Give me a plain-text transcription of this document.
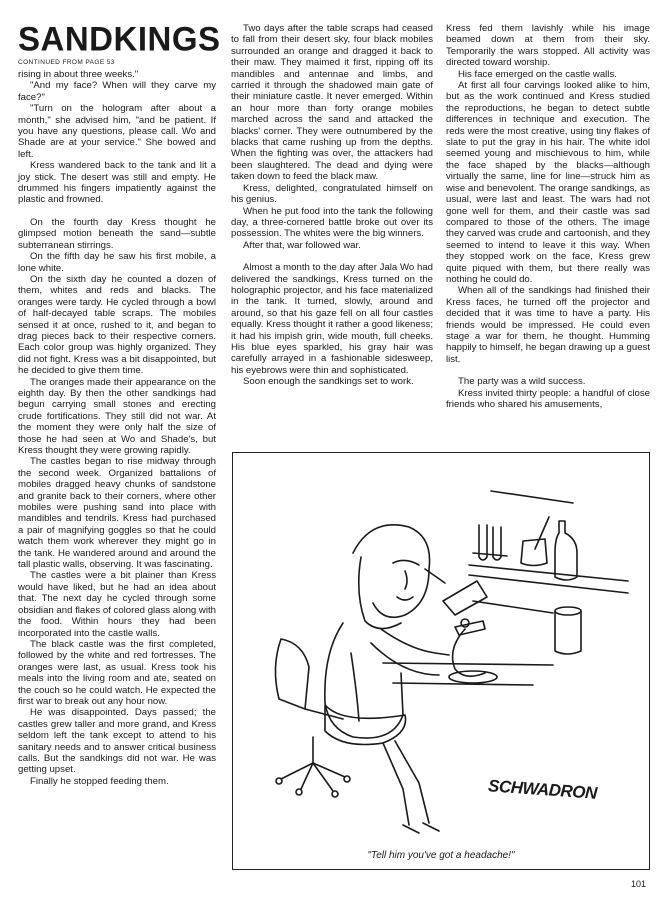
SANDKINGS
CONTINUED FROM PAGE 53

rising in about three weeks."

"And my face? When will they carve my face?"

"Turn on the hologram after about a month," she advised him, "and be patient. If you have any questions, please call. Wo and Shade are at your service." She bowed and left.

Kress wandered back to the tank and lit a joy stick. The desert was still and empty. He drummed his fingers impatiently against the plastic and frowned.

On the fourth day Kress thought he glimpsed motion beneath the sand—subtle subterranean stirrings.

On the fifth day he saw his first mobile, a lone white.

On the sixth day he counted a dozen of them, whites and reds and blacks. The oranges were tardy. He cycled through a bowl of half-decayed table scraps. The mobiles sensed it at once, rushed to it, and began to drag pieces back to their respective corners. Each color group was highly organized. They did not fight. Kress was a bit disappointed, but he decided to give them time.

The oranges made their appearance on the eighth day. By then the other sandkings had begun carrying small stones and erecting crude fortifications. They still did not war. At the moment they were only half the size of those he had seen at Wo and Shade's, but Kress thought they were growing rapidly.

The castles began to rise midway through the second week. Organized battalions of mobiles dragged heavy chunks of sandstone and granite back to their corners, where other mobiles were pushing sand into place with mandibles and tendrils. Kress had purchased a pair of magnifying goggles so that he could watch them work wherever they might go in the tank. He wandered around and around the tall plastic walls, observing. It was fascinating.

The castles were a bit plainer than Kress would have liked, but he had an idea about that. The next day he cycled through some obsidian and flakes of colored glass along with the food. Within hours they had been incorporated into the castle walls.

The black castle was the first completed, followed by the white and red fortresses. The oranges were last, as usual. Kress took his meals into the living room and ate, seated on the couch so he could watch. He expected the first war to break out any hour now.

He was disappointed. Days passed; the castles grew taller and more grand, and Kress seldom left the tank except to attend to his sanitary needs and to answer critical business calls. But the sandkings did not war. He was getting upset.

Finally he stopped feeding them.

Two days after the table scraps had ceased to fall from their desert sky, four black mobiles surrounded an orange and dragged it back to their maw. They maimed it first, ripping off its mandibles and antennae and limbs, and carried it through the shadowed main gate of their miniature castle. It never emerged. Within an hour more than forty orange mobiles marched across the sand and attacked the blacks' corner. They were outnumbered by the blacks that came rushing up from the depths. When the fighting was over, the attackers had been slaughtered. The dead and dying were taken down to feed the black maw.

Kress, delighted, congratulated himself on his genius.

When he put food into the tank the following day, a three-cornered battle broke out over its possession. The whites were the big winners.

After that, war followed war.

Almost a month to the day after Jala Wo had delivered the sandkings, Kress turned on the holographic projector, and his face materialized in the tank. It turned, slowly, around and around, so that his gaze fell on all four castles equally. Kress thought it rather a good likeness; it had his impish grin, wide mouth, full cheeks. His blue eyes sparkled, his gray hair was carefully arrayed in a fashionable sidesweep, his eyebrows were thin and sophisticated.

Soon enough the sandkings set to work.

Kress fed them lavishly while his image beamed down at them from their sky. Temporarily the wars stopped. All activity was directed toward worship.

His face emerged on the castle walls.

At first all four carvings looked alike to him, but as the work continued and Kress studied the reproductions, he began to detect subtle differences in technique and execution. The reds were the most creative, using tiny flakes of slate to put the gray in his hair. The white idol seemed young and mischievous to him, while the face shaped by the blacks—although virtually the same, line for line—struck him as wise and benevolent. The orange sandkings, as usual, were last and least. The wars had not gone well for them, and their castle was sad compared to those of the others. The image they carved was crude and cartoonish, and they seemed to intend to leave it this way. When they stopped work on the face, Kress grew quite piqued with them, but there really was nothing he could do.

When all of the sandkings had finished their Kress faces, he turned off the projector and decided that it was time to have a party. His friends would be impressed. He could even stage a war for them, he thought. Humming happily to himself, he began drawing up a guest list.

The party was a wild success.

Kress invited thirty people: a handful of close friends who shared his amusements,

SCHWADRON
"Tell him you've got a headache!"
101
